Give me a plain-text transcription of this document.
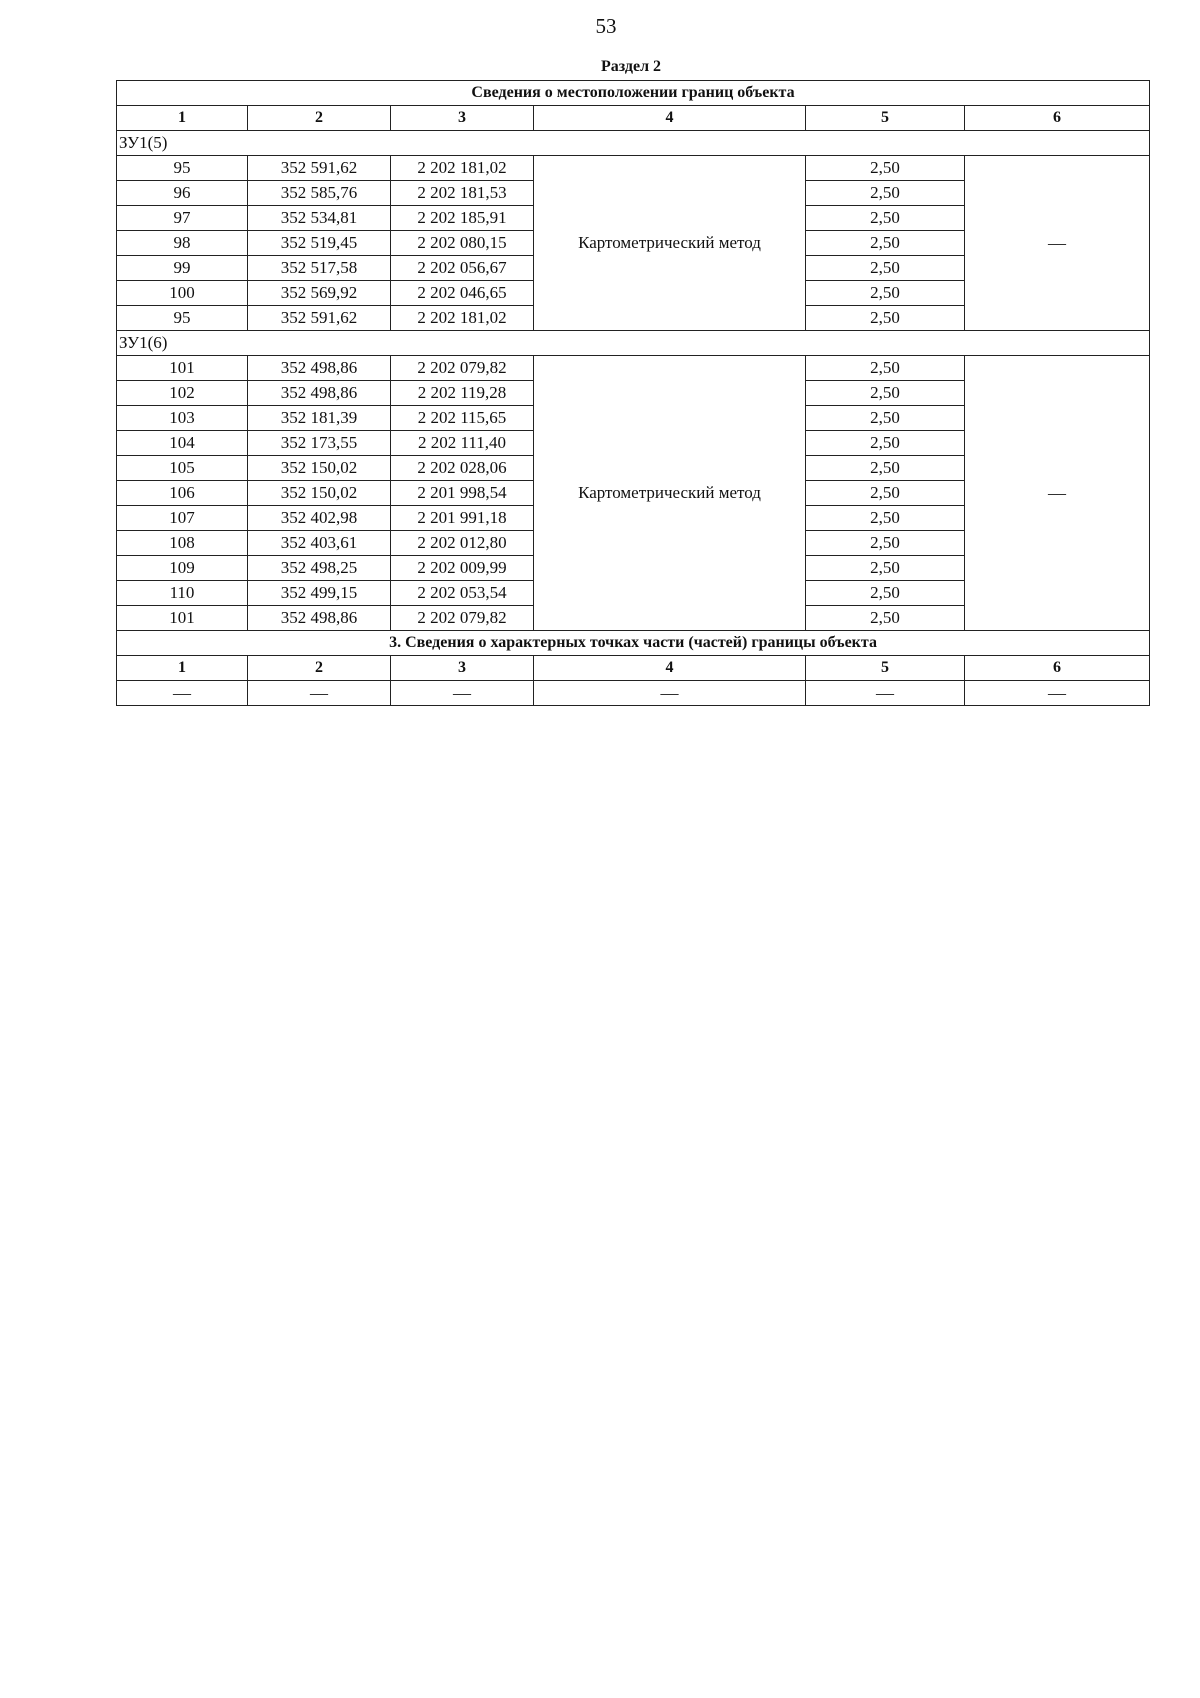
53
Раздел 2
Сведения о местоположении границ объекта					
1	2	3	4	5	6
ЗУ1(5)					
95	352 591,62	2 202 181,02	Картометрический метод	2,50	—
96	352 585,76	2 202 181,53		2,50	
97	352 534,81	2 202 185,91		2,50	
98	352 519,45	2 202 080,15		2,50	
99	352 517,58	2 202 056,67		2,50	
100	352 569,92	2 202 046,65		2,50	
95	352 591,62	2 202 181,02		2,50	
ЗУ1(6)					
101	352 498,86	2 202 079,82	Картометрический метод	2,50	—
102	352 498,86	2 202 119,28		2,50	
103	352 181,39	2 202 115,65		2,50	
104	352 173,55	2 202 111,40		2,50	
105	352 150,02	2 202 028,06		2,50	
106	352 150,02	2 201 998,54		2,50	
107	352 402,98	2 201 991,18		2,50	
108	352 403,61	2 202 012,80		2,50	
109	352 498,25	2 202 009,99		2,50	
110	352 499,15	2 202 053,54		2,50	
101	352 498,86	2 202 079,82		2,50	
3. Сведения о характерных точках части (частей) границы объекта					
1	2	3	4	5	6
—	—	—	—	—	—
